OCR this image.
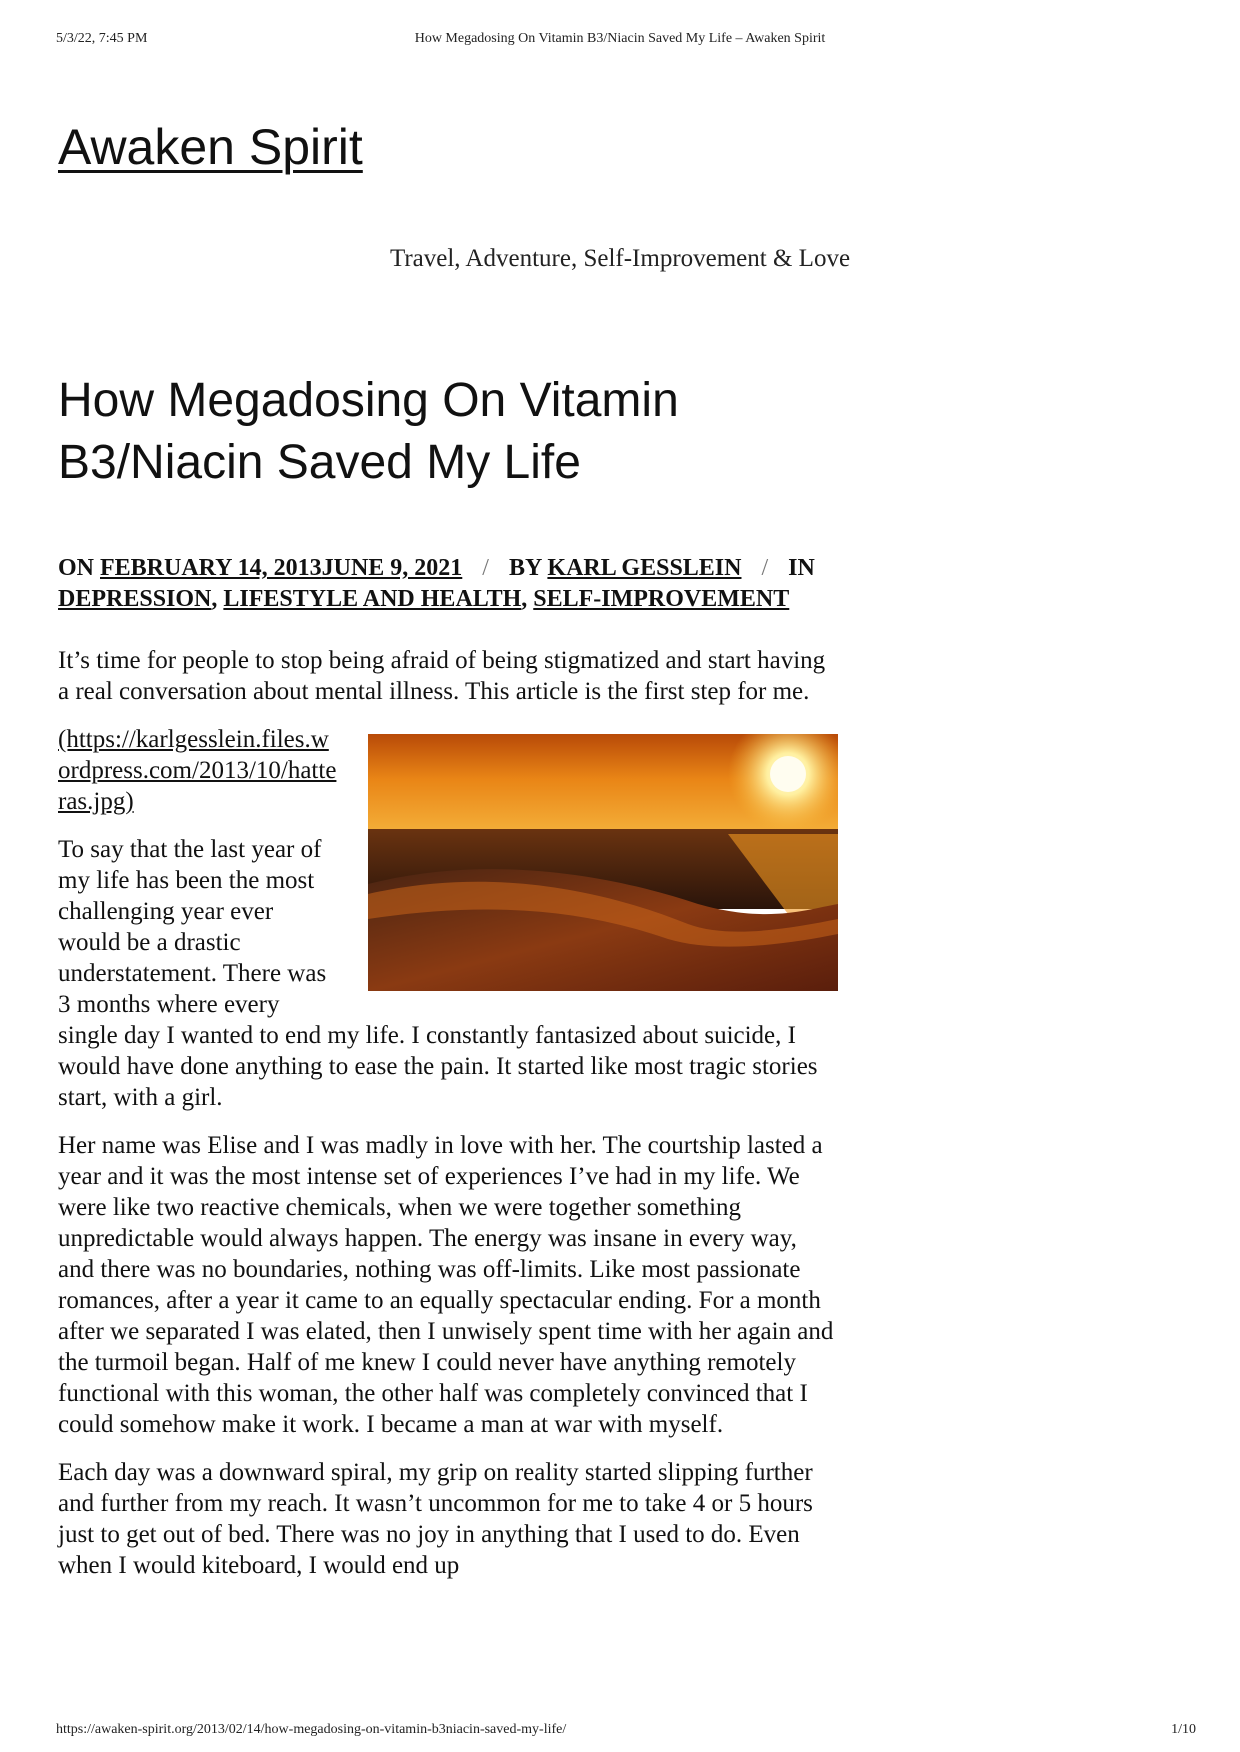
5/3/22, 7:45 PM	How Megadosing On Vitamin B3/Niacin Saved My Life – Awaken Spirit
Awaken Spirit
Travel, Adventure, Self-Improvement & Love
How Megadosing On Vitamin B3/Niacin Saved My Life
ON FEBRUARY 14, 2013JUNE 9, 2021 / BY KARL GESSLEIN / IN DEPRESSION, LIFESTYLE AND HEALTH, SELF-IMPROVEMENT

It’s time for people to stop being afraid of being stigmatized and start having a real conversation about mental illness. This article is the first step for me.

(https://karlgesslein.files.wordpress.com/2013/10/hatteras.jpg)

To say that the last year of my life has been the most challenging year ever would be a drastic understatement. There was 3 months where every single day I wanted to end my life. I constantly fantasized about suicide, I would have done anything to ease the pain. It started like most tragic stories start, with a girl.

Her name was Elise and I was madly in love with her. The courtship lasted a year and it was the most intense set of experiences I’ve had in my life. We were like two reactive chemicals, when we were together something unpredictable would always happen. The energy was insane in every way, and there was no boundaries, nothing was off-limits. Like most passionate romances, after a year it came to an equally spectacular ending. For a month after we separated I was elated, then I unwisely spent time with her again and the turmoil began. Half of me knew I could never have anything remotely functional with this woman, the other half was completely convinced that I could somehow make it work. I became a man at war with myself.

Each day was a downward spiral, my grip on reality started slipping further and further from my reach. It wasn’t uncommon for me to take 4 or 5 hours just to get out of bed. There was no joy in anything that I used to do. Even when I would kiteboard, I would end up

https://awaken-spirit.org/2013/02/14/how-megadosing-on-vitamin-b3niacin-saved-my-life/	1/10
